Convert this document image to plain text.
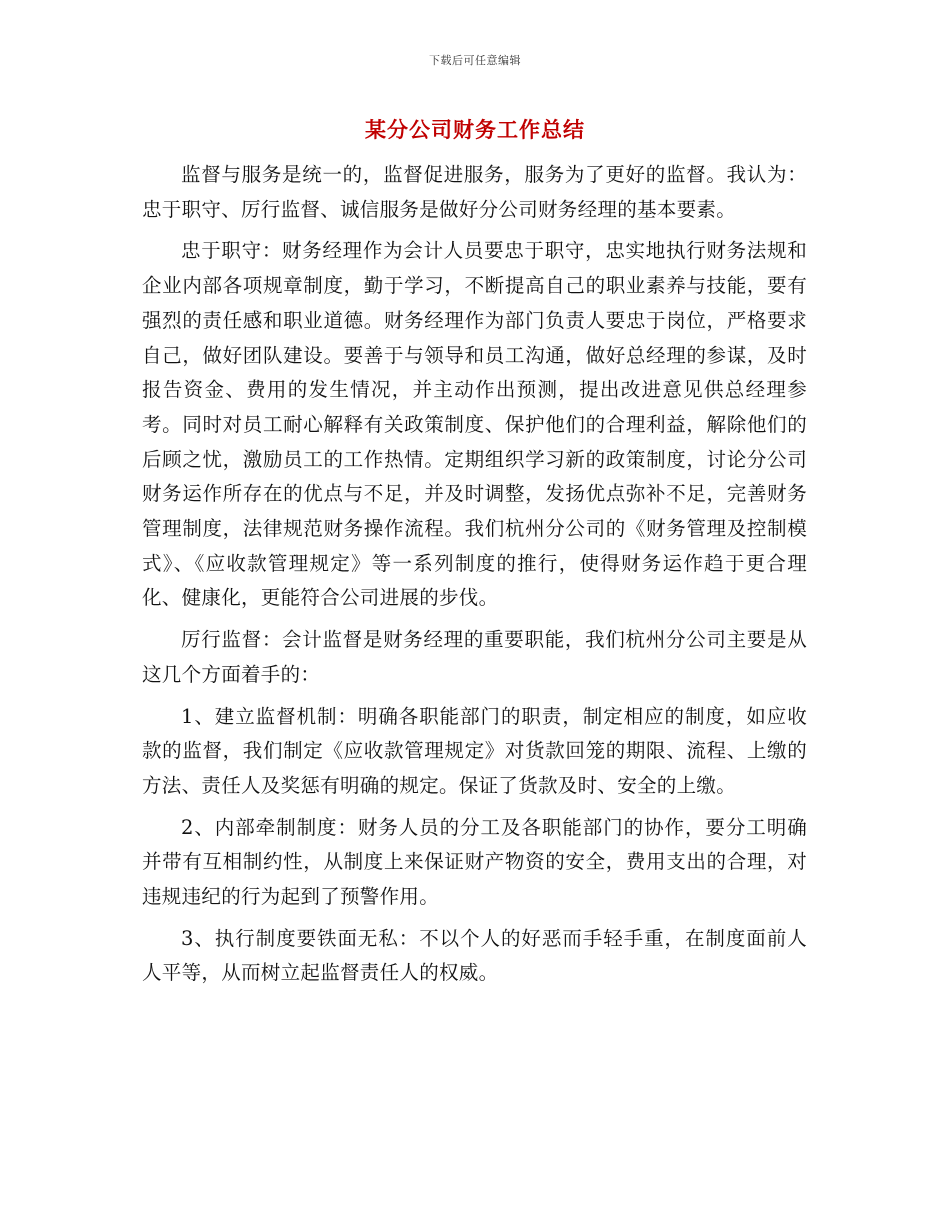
下载后可任意编辑
某分公司财务工作总结

监督与服务是统一的，监督促进服务，服务为了更好的监督。我认为：忠于职守、厉行监督、诚信服务是做好分公司财务经理的基本要素。

忠于职守：财务经理作为会计人员要忠于职守，忠实地执行财务法规和企业内部各项规章制度，勤于学习，不断提高自己的职业素养与技能，要有强烈的责任感和职业道德。财务经理作为部门负责人要忠于岗位，严格要求自己，做好团队建设。要善于与领导和员工沟通，做好总经理的参谋，及时报告资金、费用的发生情况，并主动作出预测，提出改进意见供总经理参考。同时对员工耐心解释有关政策制度、保护他们的合理利益，解除他们的后顾之忧，激励员工的工作热情。定期组织学习新的政策制度，讨论分公司财务运作所存在的优点与不足，并及时调整，发扬优点弥补不足，完善财务管理制度，法律规范财务操作流程。我们杭州分公司的《财务管理及控制模式》、《应收款管理规定》等一系列制度的推行，使得财务运作趋于更合理化、健康化，更能符合公司进展的步伐。

厉行监督：会计监督是财务经理的重要职能，我们杭州分公司主要是从这几个方面着手的：

1、建立监督机制：明确各职能部门的职责，制定相应的制度，如应收款的监督，我们制定《应收款管理规定》对货款回笼的期限、流程、上缴的方法、责任人及奖惩有明确的规定。保证了货款及时、安全的上缴。

2、内部牵制制度：财务人员的分工及各职能部门的协作，要分工明确并带有互相制约性，从制度上来保证财产物资的安全，费用支出的合理，对违规违纪的行为起到了预警作用。

3、执行制度要铁面无私：不以个人的好恶而手轻手重，在制度面前人人平等，从而树立起监督责任人的权威。
